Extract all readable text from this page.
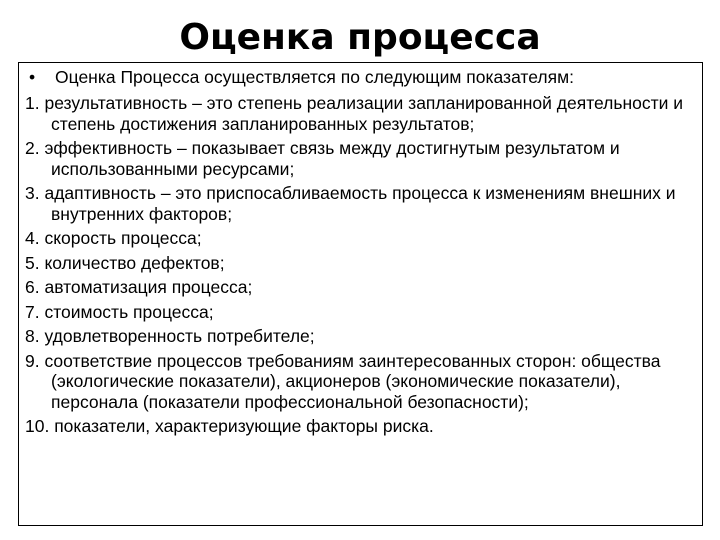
Оценка процесса

• Оценка Процесса осуществляется по следующим показателям:

1. результативность – это степень реализации запланированной деятельности и степень достижения запланированных результатов;
2. эффективность – показывает связь между достигнутым результатом и использованными ресурсами;
3. адаптивность – это приспосабливаемость процесса к изменениям внешних и внутренних факторов;
4. скорость процесса;
5. количество дефектов;
6. автоматизация процесса;
7. стоимость процесса;
8. удовлетворенность потребителе;
9. соответствие процессов требованиям заинтересованных сторон: общества (экологические показатели), акционеров (экономические показатели), персонала (показатели профессиональной безопасности);
10. показатели, характеризующие факторы риска.
